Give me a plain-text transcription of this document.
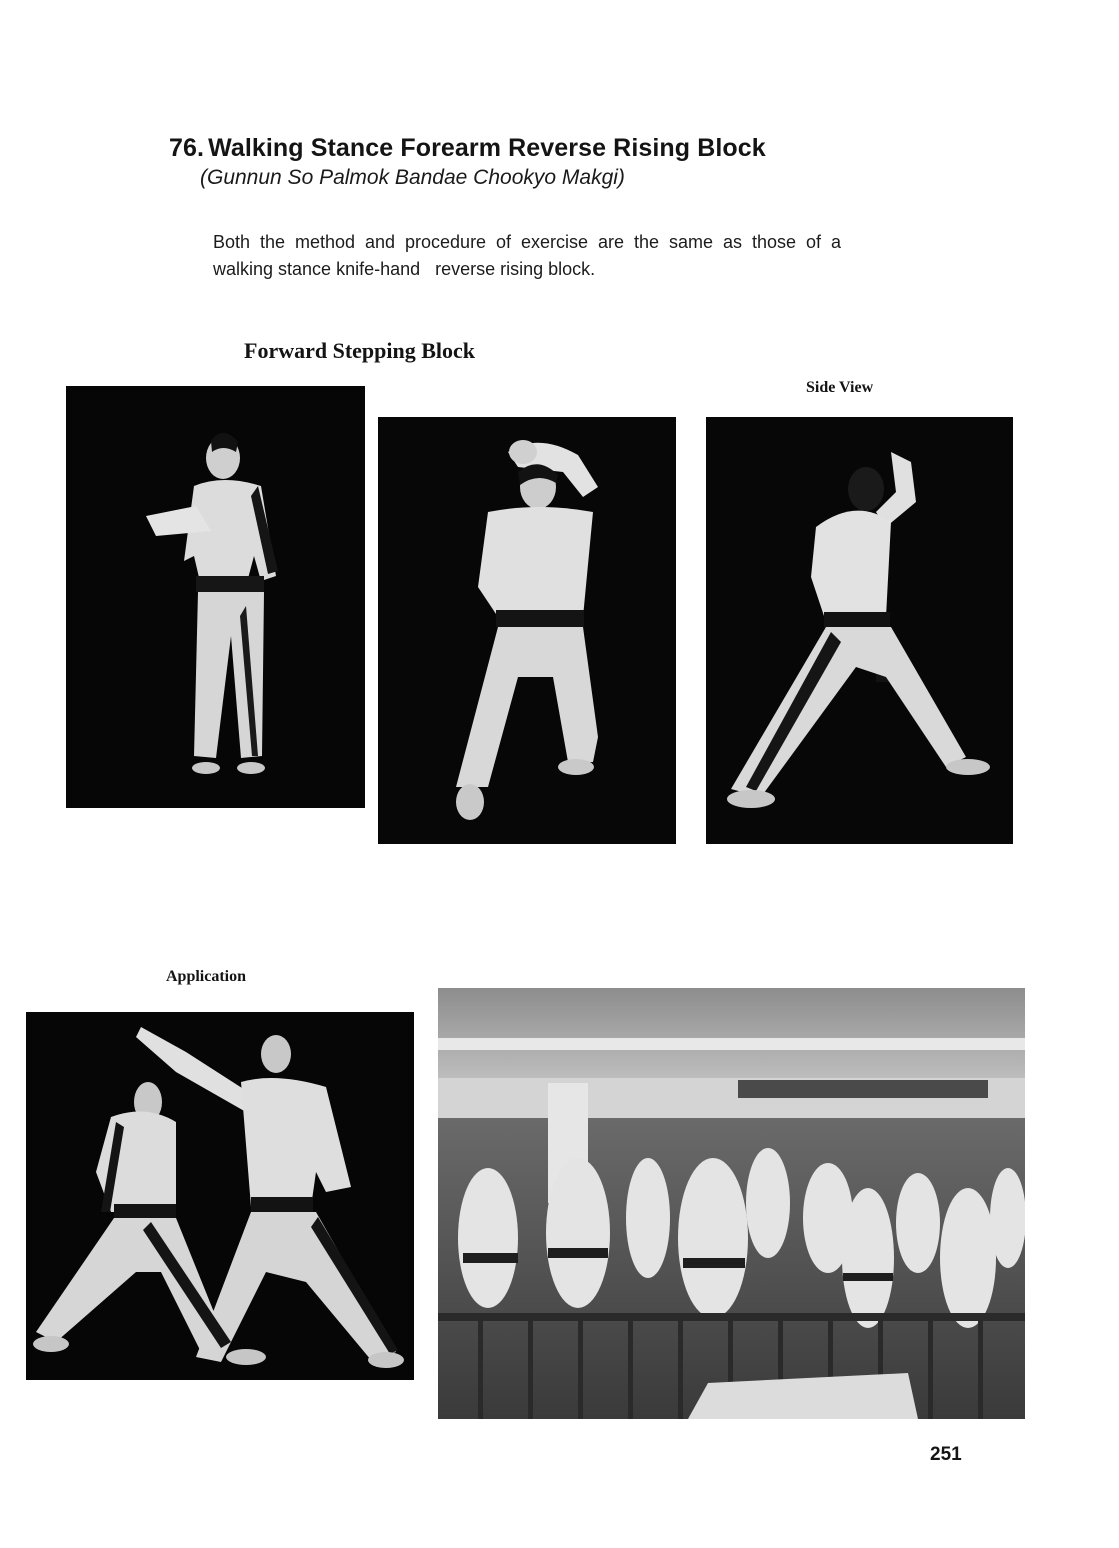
76. Walking Stance Forearm Reverse Rising Block
(Gunnun So Palmok Bandae Chookyo Makgi)
Both the method and procedure of exercise are the same as those of a  walking stance knife-hand   reverse rising block.
Forward Stepping Block
Side View
Application
251
